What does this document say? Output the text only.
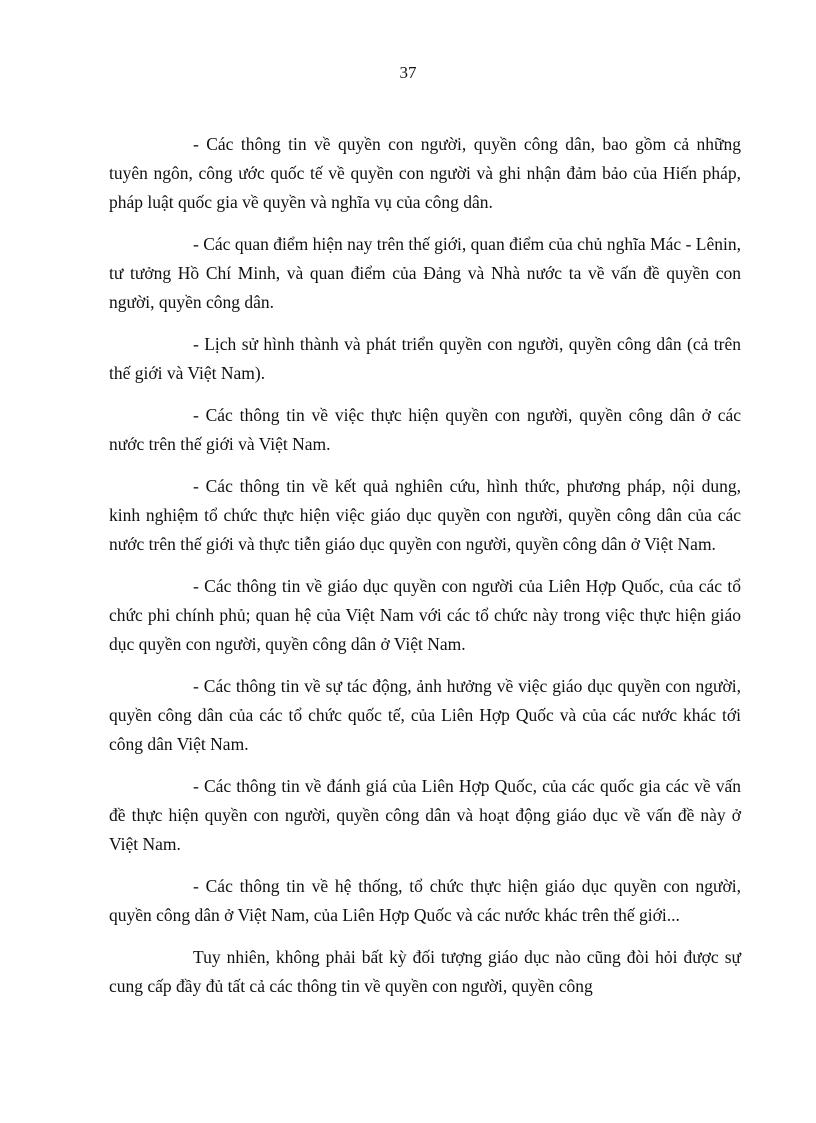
37

- Các thông tin về quyền con người, quyền công dân, bao gồm cả những tuyên ngôn, công ước quốc tế về quyền con người và ghi nhận đảm bảo của Hiến pháp, pháp luật quốc gia về quyền và nghĩa vụ của công dân.

- Các quan điểm hiện nay trên thế giới, quan điểm của chủ nghĩa Mác - Lênin, tư tưởng Hồ Chí Minh, và quan điểm của Đảng và Nhà nước ta về vấn đề quyền con người, quyền công dân.

- Lịch sử hình thành và phát triển quyền con người, quyền công dân (cả trên thế giới và Việt Nam).

- Các thông tin về việc thực hiện quyền con người, quyền công dân ở các nước trên thế giới và Việt Nam.

- Các thông tin về kết quả nghiên cứu, hình thức, phương pháp, nội dung, kinh nghiệm tổ chức thực hiện việc giáo dục quyền con người, quyền công dân của các nước trên thế giới và thực tiễn giáo dục quyền con người, quyền công dân ở Việt Nam.

- Các thông tin về giáo dục quyền con người của Liên Hợp Quốc, của các tổ chức phi chính phủ; quan hệ của Việt Nam với các tổ chức này trong việc thực hiện giáo dục quyền con người, quyền công dân ở Việt Nam.

- Các thông tin về sự tác động, ảnh hưởng về việc giáo dục quyền con người, quyền công dân của các tổ chức quốc tế, của Liên Hợp Quốc và của các nước khác tới công dân Việt Nam.

- Các thông tin về đánh giá của Liên Hợp Quốc, của các quốc gia các về vấn đề thực hiện quyền con người, quyền công dân và hoạt động giáo dục về vấn đề này ở Việt Nam.

- Các thông tin về hệ thống, tổ chức thực hiện giáo dục quyền con người, quyền công dân ở Việt Nam, của Liên Hợp Quốc và các nước khác trên thế giới...

Tuy nhiên, không phải bất kỳ đối tượng giáo dục nào cũng đòi hỏi được sự cung cấp đầy đủ tất cả các thông tin về quyền con người, quyền công
